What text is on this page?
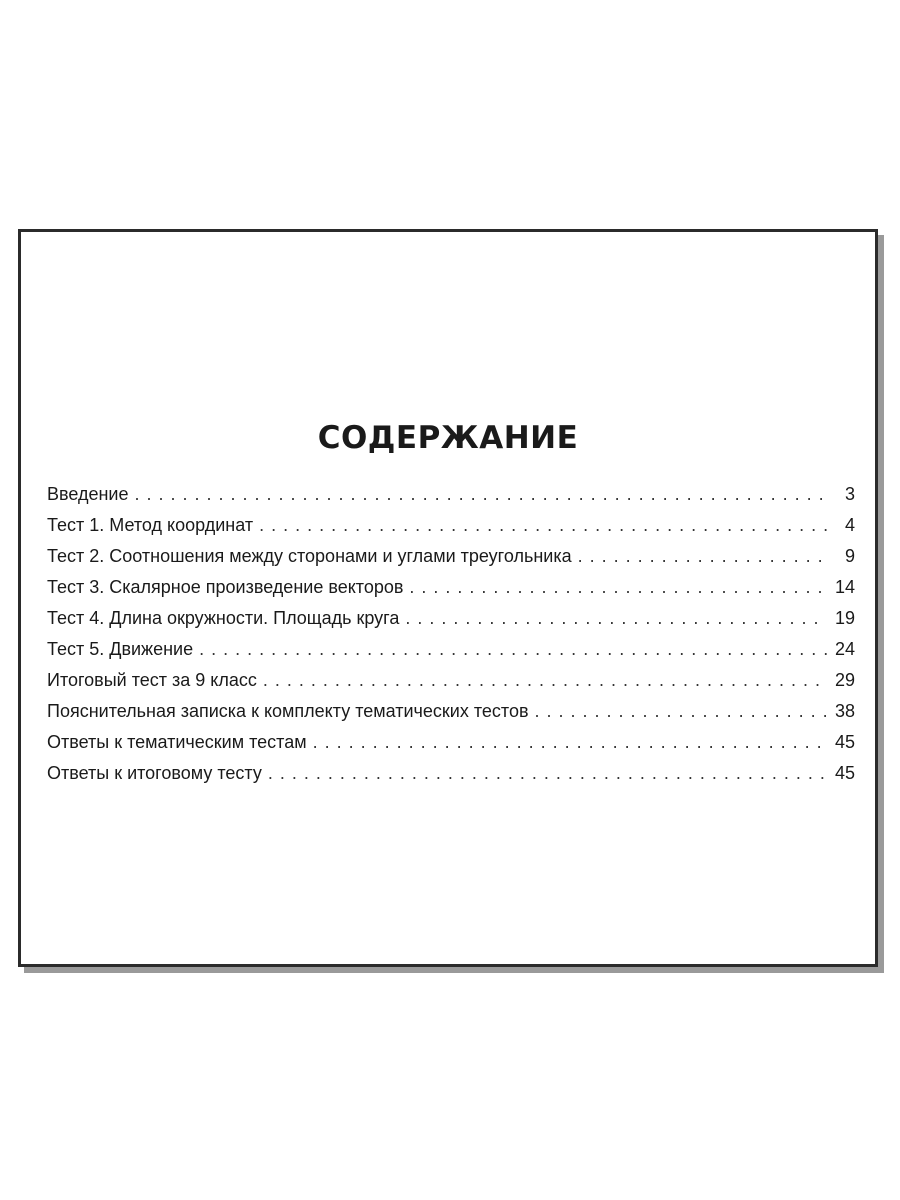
СОДЕРЖАНИЕ
Введение . . .	3
Тест 1. Метод координат . . .	4
Тест 2. Соотношения между сторонами и углами треугольника . . .	9
Тест 3. Скалярное произведение векторов . . .	14
Тест 4. Длина окружности. Площадь круга . . .	19
Тест 5. Движение . . .	24
Итоговый тест за 9 класс . . .	29
Пояснительная записка к комплекту тематических тестов . . .	38
Ответы к тематическим тестам . . .	45
Ответы к итоговому тесту . . .	45
